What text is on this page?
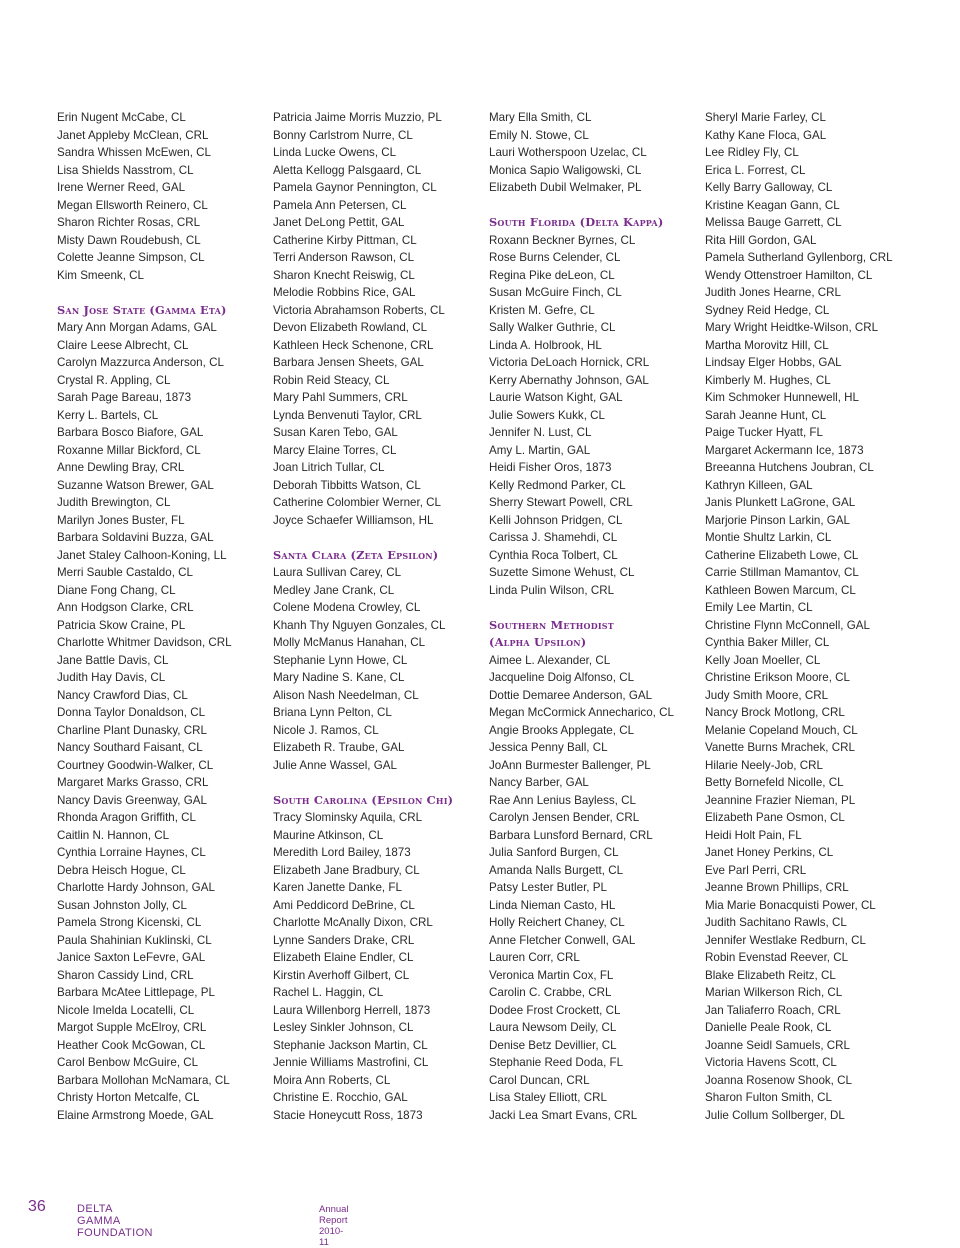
Erin Nugent McCabe, CL
Janet Appleby McClean, CRL
Sandra Whissen McEwen, CL
Lisa Shields Nasstrom, CL
Irene Werner Reed, GAL
Megan Ellsworth Reinero, CL
Sharon Richter Rosas, CRL
Misty Dawn Roudebush, CL
Colette Jeanne Simpson, CL
Kim Smeenk, CL
San Jose State (Gamma Eta)
Mary Ann Morgan Adams, GAL
Claire Leese Albrecht, CL
Carolyn Mazzurca Anderson, CL
Crystal R. Appling, CL
Sarah Page Bareau, 1873
Kerry L. Bartels, CL
Barbara Bosco Biafore, GAL
Roxanne Millar Bickford, CL
Anne Dewling Bray, CRL
Suzanne Watson Brewer, GAL
Judith Brewington, CL
Marilyn Jones Buster, FL
Barbara Soldavini Buzza, GAL
Janet Staley Calhoon-Koning, LL
Merri Sauble Castaldo, CL
Diane Fong Chang, CL
Ann Hodgson Clarke, CRL
Patricia Skow Craine, PL
Charlotte Whitmer Davidson, CRL
Jane Battle Davis, CL
Judith Hay Davis, CL
Nancy Crawford Dias, CL
Donna Taylor Donaldson, CL
Charline Plant Dunasky, CRL
Nancy Southard Faisant, CL
Courtney Goodwin-Walker, CL
Margaret Marks Grasso, CRL
Nancy Davis Greenway, GAL
Rhonda Aragon Griffith, CL
Caitlin N. Hannon, CL
Cynthia Lorraine Haynes, CL
Debra Heisch Hogue, CL
Charlotte Hardy Johnson, GAL
Susan Johnston Jolly, CL
Pamela Strong Kicenski, CL
Paula Shahinian Kuklinski, CL
Janice Saxton LeFevre, GAL
Sharon Cassidy Lind, CRL
Barbara McAtee Littlepage, PL
Nicole Imelda Locatelli, CL
Margot Supple McElroy, CRL
Heather Cook McGowan, CL
Carol Benbow McGuire, CL
Barbara Mollohan McNamara, CL
Christy Horton Metcalfe, CL
Elaine Armstrong Moede, GAL
Patricia Jaime Morris Muzzio, PL
Bonny Carlstrom Nurre, CL
Linda Lucke Owens, CL
Aletta Kellogg Palsgaard, CL
Pamela Gaynor Pennington, CL
Pamela Ann Petersen, CL
Janet DeLong Pettit, GAL
Catherine Kirby Pittman, CL
Terri Anderson Rawson, CL
Sharon Knecht Reiswig, CL
Melodie Robbins Rice, GAL
Victoria Abrahamson Roberts, CL
Devon Elizabeth Rowland, CL
Kathleen Heck Schenone, CRL
Barbara Jensen Sheets, GAL
Robin Reid Steacy, CL
Mary Pahl Summers, CRL
Lynda Benvenuti Taylor, CRL
Susan Karen Tebo, GAL
Marcy Elaine Torres, CL
Joan Litrich Tullar, CL
Deborah Tibbitts Watson, CL
Catherine Colombier Werner, CL
Joyce Schaefer Williamson, HL
Santa Clara (Zeta Epsilon)
Laura Sullivan Carey, CL
Medley Jane Crank, CL
Colene Modena Crowley, CL
Khanh Thy Nguyen Gonzales, CL
Molly McManus Hanahan, CL
Stephanie Lynn Howe, CL
Mary Nadine S. Kane, CL
Alison Nash Needelman, CL
Briana Lynn Pelton, CL
Nicole J. Ramos, CL
Elizabeth R. Traube, GAL
Julie Anne Wassel, GAL
South Carolina (Epsilon Chi)
Tracy Slominsky Aquila, CRL
Maurine Atkinson, CL
Meredith Lord Bailey, 1873
Elizabeth Jane Bradbury, CL
Karen Janette Danke, FL
Ami Peddicord DeBrine, CL
Charlotte McAnally Dixon, CRL
Lynne Sanders Drake, CRL
Elizabeth Elaine Endler, CL
Kirstin Averhoff Gilbert, CL
Rachel L. Haggin, CL
Laura Willenborg Herrell, 1873
Lesley Sinkler Johnson, CL
Stephanie Jackson Martin, CL
Jennie Williams Mastrofini, CL
Moira Ann Roberts, CL
Christine E. Rocchio, GAL
Stacie Honeycutt Ross, 1873
Mary Ella Smith, CL
Emily N. Stowe, CL
Lauri Wotherspoon Uzelac, CL
Monica Sapio Waligowski, CL
Elizabeth Dubil Welmaker, PL
South Florida (Delta Kappa)
Roxann Beckner Byrnes, CL
Rose Burns Celender, CL
Regina Pike deLeon, CL
Susan McGuire Finch, CL
Kristen M. Gefre, CL
Sally Walker Guthrie, CL
Linda A. Holbrook, HL
Victoria DeLoach Hornick, CRL
Kerry Abernathy Johnson, GAL
Laurie Watson Kight, GAL
Julie Sowers Kukk, CL
Jennifer N. Lust, CL
Amy L. Martin, GAL
Heidi Fisher Oros, 1873
Kelly Redmond Parker, CL
Sherry Stewart Powell, CRL
Kelli Johnson Pridgen, CL
Carissa J. Shamehdi, CL
Cynthia Roca Tolbert, CL
Suzette Simone Wehust, CL
Linda Pulin Wilson, CRL
Southern Methodist
(Alpha Upsilon)
Aimee L. Alexander, CL
Jacqueline Doig Alfonso, CL
Dottie Demaree Anderson, GAL
Megan McCormick Annecharico, CL
Angie Brooks Applegate, CL
Jessica Penny Ball, CL
JoAnn Burmester Ballenger, PL
Nancy Barber, GAL
Rae Ann Lenius Bayless, CL
Carolyn Jensen Bender, CRL
Barbara Lunsford Bernard, CRL
Julia Sanford Burgen, CL
Amanda Nalls Burgett, CL
Patsy Lester Butler, PL
Linda Nieman Casto, HL
Holly Reichert Chaney, CL
Anne Fletcher Conwell, GAL
Lauren Corr, CRL
Veronica Martin Cox, FL
Carolin C. Crabbe, CRL
Dodee Frost Crockett, CL
Laura Newsom Deily, CL
Denise Betz Devillier, CL
Stephanie Reed Doda, FL
Carol Duncan, CRL
Lisa Staley Elliott, CRL
Jacki Lea Smart Evans, CRL
Sheryl Marie Farley, CL
Kathy Kane Floca, GAL
Lee Ridley Fly, CL
Erica L. Forrest, CL
Kelly Barry Galloway, CL
Kristine Keagan Gann, CL
Melissa Bauge Garrett, CL
Rita Hill Gordon, GAL
Pamela Sutherland Gyllenborg, CRL
Wendy Ottenstroer Hamilton, CL
Judith Jones Hearne, CRL
Sydney Reid Hedge, CL
Mary Wright Heidtke-Wilson, CRL
Martha Morovitz Hill, CL
Lindsay Elger Hobbs, GAL
Kimberly M. Hughes, CL
Kim Schmoker Hunnewell, HL
Sarah Jeanne Hunt, CL
Paige Tucker Hyatt, FL
Margaret Ackermann Ice, 1873
Breeanna Hutchens Joubran, CL
Kathryn Killeen, GAL
Janis Plunkett LaGrone, GAL
Marjorie Pinson Larkin, GAL
Montie Shultz Larkin, CL
Catherine Elizabeth Lowe, CL
Carrie Stillman Mamantov, CL
Kathleen Bowen Marcum, CL
Emily Lee Martin, CL
Christine Flynn McConnell, GAL
Cynthia Baker Miller, CL
Kelly Joan Moeller, CL
Christine Erikson Moore, CL
Judy Smith Moore, CRL
Nancy Brock Motlong, CRL
Melanie Copeland Mouch, CL
Vanette Burns Mrachek, CRL
Hilarie Neely-Job, CRL
Betty Bornefeld Nicolle, CL
Jeannine Frazier Nieman, PL
Elizabeth Pane Osmon, CL
Heidi Holt Pain, FL
Janet Honey Perkins, CL
Eve Parl Perri, CRL
Jeanne Brown Phillips, CRL
Mia Marie Bonacquisti Power, CL
Judith Sachitano Rawls, CL
Jennifer Westlake Redburn, CL
Robin Evenstad Reever, CL
Blake Elizabeth Reitz, CL
Marian Wilkerson Rich, CL
Jan Taliaferro Roach, CRL
Danielle Peale Rook, CL
Joanne Seidl Samuels, CRL
Victoria Havens Scott, CL
Joanna Rosenow Shook, CL
Sharon Fulton Smith, CL
Julie Collum Sollberger, DL
36	DELTA GAMMA FOUNDATION
Annual Report 2010-11
